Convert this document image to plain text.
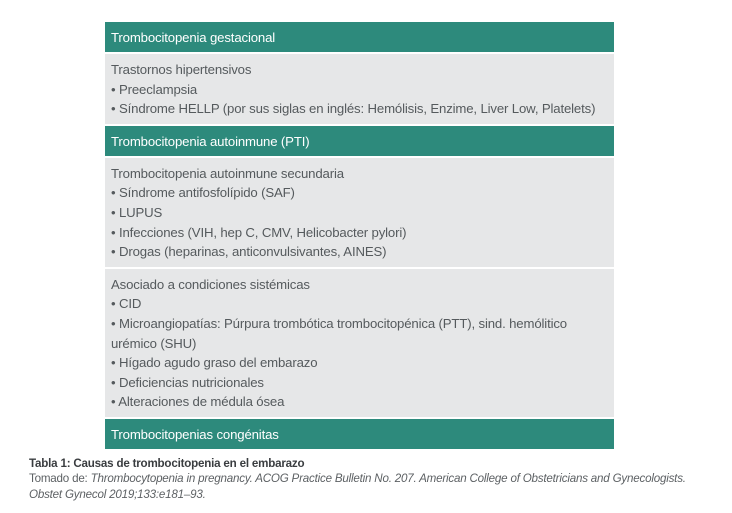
Trombocitopenia gestacional
Trastornos hipertensivos
• Preeclampsia
• Síndrome HELLP (por sus siglas en inglés: Hemólisis, Enzime, Liver Low, Platelets)
Trombocitopenia autoinmune (PTI)
Trombocitopenia autoinmune secundaria
• Síndrome antifosfolípido (SAF)
• LUPUS
• Infecciones (VIH, hep C, CMV, Helicobacter pylori)
• Drogas (heparinas, anticonvulsivantes, AINES)
Asociado a condiciones sistémicas
• CID
• Microangiopatías: Púrpura trombótica trombocitopénica (PTT), sind. hemólitico urémico (SHU)
• Hígado agudo graso del embarazo
• Deficiencias nutricionales
• Alteraciones de médula ósea
Trombocitopenias congénitas
Tabla 1: Causas de trombocitopenia en el embarazo
Tomado de: Thrombocytopenia in pregnancy. ACOG Practice Bulletin No. 207. American College of Obstetricians and Gynecologists. Obstet Gynecol 2019;133:e181–93.
